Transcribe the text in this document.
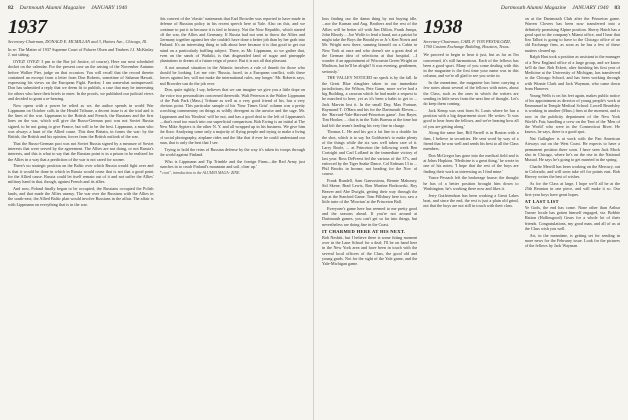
82 Dartmouth Alumni Magazine JANUARY 1940
1937
Secretary-Chairman, DONALD E. MCMILLAN and 3, Haines Ave., Chicago, Ill.

In re: The Matter of 1937 Supreme Court of Palaver Olsen and Timbers J.J. McKinlay J. not sitting.

OYEZ! OYEZ! 3 pm to the Bar (of Justice, of course). Here our next scheduled docket on the calendar. For the present case an the arising of the November Autumn before Walker Pier, judge on that occasion. You will recall that the record therein contained an excerpt from a letter from Don Roberts, sometime of Saharan Hawaii, expressing his views on the European Fight. Pardon; I am somewhat unimpressed. Don has submitted a reply that we deem fit to publish, a case that may be interesting for others who have their briefs to enter. In the proofs, we published our judicial views and decided to grant a re-hearing.

Now opens with a power he relied as we, the author spends in world War Lippmann on October calls in the Herald Tribune, a decent issue is at the trial and is the lines of the war. Lippmann to the British and French, the Russians and the first lines on the war, which will give the Russo-German pact was not Soviet Russia signed, to be not going to give France, but will to be the best. Lippmann, a man who was always a hunt of the Allied cause. This then Britain, in forms the war: by the British, the British and his opinion, forces from the British outlook of the war.

That the Russo-German pact was not Soviet Russia signed by a measure of Soviet interests that were served by the agreement. The Allies are not doing, or not Russia's interests, and this is what to say that the Russian point is in a prison to be realized for the Allies in a way that a prediction of the war is not cared for sooner.

There's no strategic position on the Baltic over which Russia would fight over and is that it would be done in which in Russia would cease that is not that a good point for the Allied cause. Russia could let itself remain out of it and not suffer the Allies' military hand in that, though, against French and its allies.

And now, Poland finally began to be occupied, the Russians occupied the Polish lands, and that made the Allies uneasy. The war over the Russians with the Allies in the south-east; the Allied Baltic plan would involve Russians in the affair. The affair is with Lippmann on everything that is in the war.

this convert of the 'elastic' statements that Earl Browder was reported to have made in defense of Russian policy in his recent speech here at Yale. Also on this, and we continue to put it in because it is tied to history. Not the Now Republic, which started off the war, the Allies and Germany. If Russia had not sent to throw the Allies and Germany together against her she couldn't have done a better job than by her grab into Finland. It's an interesting thing to talk about here because it is that good to get our mind on a particularly baffling subject. There, as Mr. Lippmann, so we gather that, even on the sands of Waikiki, is that disgruntled land of sugar and pineapple plantations to dream of a future reign of peace. But it is not all that pleasant.

A not unusual situation in the Atlantic involves a rule of thumb for those who should be looking. Let me cite: 'Russia, faced, in a European conflict, with these forces against her, will not make the international rules, any longer.' Mr. Roberts says, and Browder can do the job over.

Don, quite rightly, I say, believes that we can imagine we give you a little dope on the voice two personalities concerned therewith. Walt Peterson is the Walter Lippmann of the Park Park (Mass.) Tribune as well as a very good friend of his, has a very obvious point. This particular sample of his 'Your Times Grist' column was a pretty scorching commentary on things as wildly divergent as the unwise and the sage. Mr. Lippmann and his 'Realists' will be not, and has a good deal to the left of Lippmann's—that's read too much into our superficial comparison. Bob Ewing is an initial at The New Mike Aypiers is the other N. Y. and all wrapped up in his business. We give him the floor. Analyzing some only a majority of flying people and trying to make a living of social photography, airplane rides and the like that if ever he could understand our man, that is only the best that I see.

Trying to hold the reins of Russian defense by the way it's taken its troops through the world against Finland.

Who is Lippmann and Tip Trimble and the foreign Finns—the Red Army just marches in to crush Finland's mountain and soil, clear up.'

* cont", introduction to the ALUMNI MAGA- ZINE.
Dartmouth Alumni Magazine JANUARY 1940 83

lous finding our the damn thing by not buying idle. ...nor the Kurnan and Aug. Brothers and the rest of the Allies will be better off with Jim Dillon, Frank Jumps, John Bloody ... Joe Wolfe to lend a hand, not a patriot he might take the Boys the Brooklyn or Jr.'s Ken Norris and Mr. Wright now there, sunning himself on a Cabin in New York at once and who doesn't see a great deal of the German idea of selections at that hospital. ...I wonder if an appointment of Wisconsin Green Wright on Madison, but he'll be alright? It was evening, gentlemen, seriously.'

THE VALLEY NOTICED no speck is by the fall. In the Great Blue slaughter taken in our immediate jurisdictions, the Wilson, Pete Gunn, more we've had a big Building, a caravan which he had made a request to be marched to here, yet as it's been a habit to get to ... Jack Marvin lost it. In the small Day, Max Fortune, Raymond T. O'Hara and his for the Dartmouth Eleven—the 'Harvard-Yale-Harvard-Princeton game'. Jim Bayer, Tim Hooker, ... that is in the Tufts Bureau at the time has had left the team's leading his very fine in charge.

Thomas L. He and his got a fat line in a double for the shot, which is to say Ira Goldstein's to make plenty of the things while the six was well taken care of it. Larry Boole, ... at Princeton the following week Ben Cortright and Carl Lofland in the immediate victory of last year. Ross DeFreest led the various of the 37's, and enforced by the Tiger Snake Dance. Col Erdman 13 to ... Phil Brooks in bronze, not heading for the Nov. of course.

Frank Rundell, Sam Ganvosteau, Bennie Mahoney, Sid Skene, Brad Lewis, Ron Murtine Borkowski, Roy Beaver and Abe Dwight, getting their way through the top at the Stanford Game. Tom Pillsbury here too, saw a little taste of the 'Mowtan' at the Princeton Ball.

Everyone's game here has seemed to me pretty good and the seasons ahead. If you're not around at Dartmouth games, you can't get so far into things, but nevertheless are doing fine in the Coast.

IT CHARMED HERE AT HIS NEXT.

Bob Nesbitt, but I believe there is some fitting moment over in the Lane School for a deal; I'll be on hand here in the New York area and have been in touch with the several local officers of the Class, the good old and young grads. Not for the sight of the Yale game, and the Yale-Michigan game.

1938
Secretary-Chairman, CARL F. VON PESTALOZZI, 1760 Custom Exchange Building, Houston, Texas.

We proceed to begin to hear it just, but as far as I'm concerned, it's still harmonious. Each of the fellows has been a good sport. Many of you come dealing with this in the magazine is the first time your name was in this column, and we're all glad to see you write in.

In the meantime, the magazine has been carrying a few notes about several of the fellows with notes, about the Class, such as the ones in which the writers are sending in little news from the next line of thought. Let's do keep them coming.

Jack Kemp was sent from St. Louis where he has a position with a big department store. He writes: 'It was good to hear from the fellows, and we're hearing how all of you are getting along.'

Along the same line, Bill Farrell is in Boston with a firm, I believe in securities. He sent word by way of a friend that he was well and sends his best to all the Class members.

Don McGregor has gone into the medical field and is at Johns Hopkins. 'Medicine is a great thing,' he wrote in one of his notes; 'I hope that the rest of the boys are finding their work as interesting as I find mine.'

Vance Pessach left the brokerage house; the thought he has of a better position brought him down to Washington; he's working there now and likes it.

Jerry Gutfriendson has been working a Great Lakes boat, and since the end, the rest is just a plain old grind, not that the boys are not still in touch with their class.

on at the Dartmouth Club after the Princeton game. Warren Clovers has been now transferred into a definitely promising Alpine position. Sherry Hatch has a good spot in the company's Miami office, and I hear that Jim Talbot is going to have to the Chicago office of an old Exchange firm, as soon as he has a few of these matters cleared up.

Ralph Hart took a position as assistant to the manager of a New England office of a large group, and we know he'll do fine. Bob Eckert, after finishing his first year of Medicine at the University of Michigan, has transferred to the Chicago School, and has been working through with Winnie Clark and Jack Wayman, who came down from Hanover.

Young Wells is on his feet again, makes public notice of his appointment as director of young people's work at Emmanuel in Temple Medical School. Lowell Beardsley is working in another (Mass.) firm at the moment, and is now in the publicity department of the New York World's Fair, handling a crew on the Tent of the 'Men of the World' who were in the Connecticut River. He knows, he says, there is a good spot.

Nat Gallagher is at work with the Pan American Airways out on the West Coast. He expects to have a permanent position there soon. I have seen Jack Mock also in Chicago, where he's on the rise in the National Mutual. He says he's going to get married in the spring.

Charlie Merrill has been working on the Mercury, out in Colorado, and will soon take off for points east. Bob Harvey writes the best of wishes.

As for the Class at large, I hope we'll all be at the 25th Reunion in one piece, and will make it so. Our first-year boys have great hopes.

AT LAST LIST

Ye Gods, the end has come. None other than Arthur Turner locale has gotten himself engaged, viz. Bobbie Hatton (Hollinsgood) Gears for a whole lot of their friends. Congratulations, my good man, and all of us at the Class wish you well.

Art, in the meantime, is getting set for sending in more news for the February issue. Look for the pictures of the fellows by Jack Wayman.
